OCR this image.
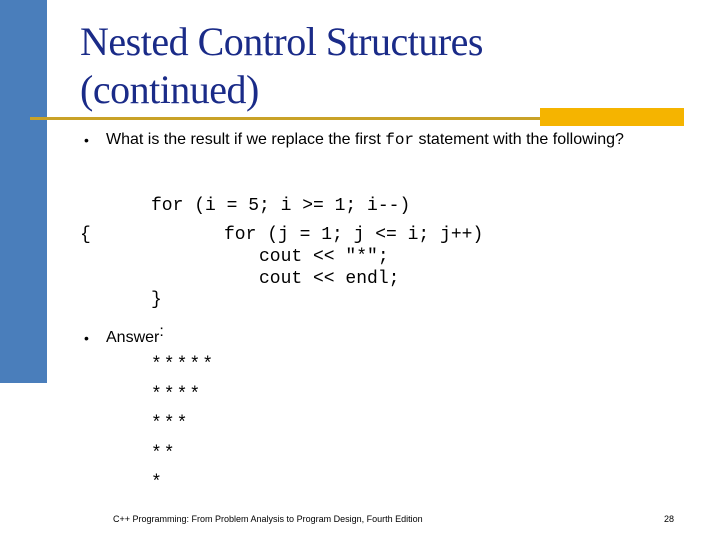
Nested Control Structures
(continued)
• What is the result if we replace the first for statement with the following?
for (i = 5; i >= 1; i--)
{	for (j = 1; j <= i; j++)
cout << "*";
cout << endl;
}
• Answer:
*****
****
***
**
*
C++ Programming: From Problem Analysis to Program Design, Fourth Edition	28
